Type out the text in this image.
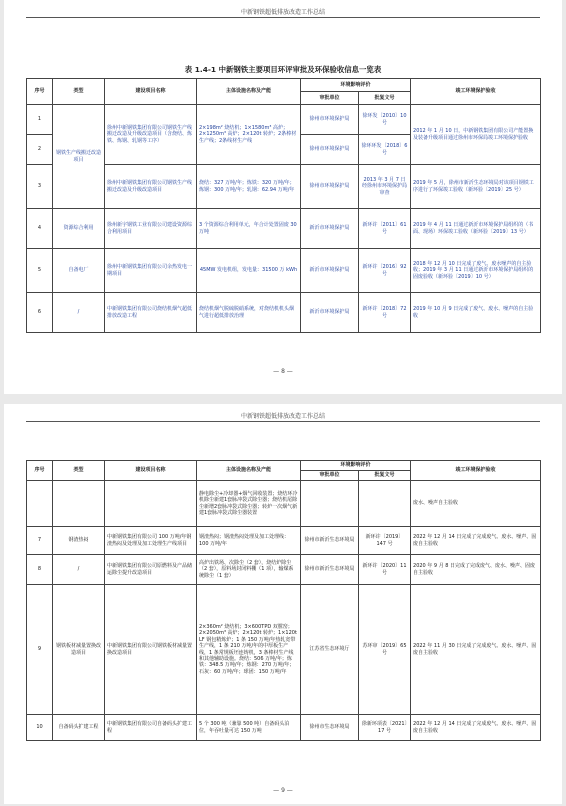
中新钢铁超低排放改造工作总结
表 1.4-1 中新钢铁主要项目环评审批及环保验收信息一览表
序号	类型	建设项目名称	主体设施名称及产能	环境影响评价		竣工环境保护验收
				审批单位	批复文号	
1	钢铁生产线搬迁改造项目	徐州中新钢铁集团有限公司钢铁生产线搬迁改造及升级改造项目（含烧结、炼铁、炼钢、轧钢等工序）	2×198m² 烧结机；1×1580m³ 高炉；2×1250m³ 高炉；2×120t 转炉；2条棒材生产线；2条线材生产线	徐州市环境保护局	徐环发〔2010〕10 号	2012 年 1 月 10 日，中新钢铁集团有限公司产能置换及装备升级项目通过徐州市环保局竣工环境保护验收
2				徐州市环境保护局	徐环环发〔2018〕6 号	
3		徐州中新钢铁集团有限公司钢铁生产线搬迁改造及升级改造项目	烧结：327 万吨/年；炼铁：320 万吨/年；炼钢：300 万吨/年；轧钢：62.94 万吨/年	徐州市环境保护局	2013 年 3 月 7 日经徐州市环境保护局审查	2019 年 5 月，徐州市新沂生态环境局对该项目钢铁工序进行了环保竣工验收（新环验〔2019〕25 号）
4	资源综合利用	徐州新宇钢铁工业有限公司建设资源综合利用项目	3 个资源综合利用单元，年合计处置固废 30 万吨	新沂市环境保护局	新环许〔2011〕61 号	2019 年 4 月 11 日通过新沂市环境保护局组织的（书面、现场）环保竣工验收（新环验〔2019〕13 号）
5	自备电厂	徐州中新钢铁集团有限公司余热发电一期项目	45MW 发电机组，发电量：31500 万 kWh	新沂市环境保护局	新环许〔2016〕92 号	2018 年 12 月 10 日完成了废气、废水噪声的自主验收；2019 年 3 月 11 日通过新沂市环境保护局组织的固废验收（新环验〔2019〕10 号）
6	/	中新钢铁集团有限公司烧结机烟气超低排放改造工程	烧结机烟气脱硫脱硝系统，对烧结机机头烟气进行超低排放治理	新沂市环境保护局	新环许〔2018〕72 号	2019 年 10 月 9 日完成了废气、废水、噪声的自主验收
— 8 —
中新钢铁超低排放改造工作总结
序号	类型	建设项目名称	主体设施名称及产能	环境影响评价		竣工环境保护验收
				审批单位	批复文号	
			静电除尘+冷却器+烟气回收装置；烧结环冷机除尘新建1套脉冲袋式除尘器；烧结机尾除尘新增2套脉冲袋式除尘器；转炉一次烟气新建1套脉冲袋式除尘器装置			废水、噪声自主验收
7	钢渣热闷	中新钢铁集团有限公司 100 万吨/年钢渣热闷及处理及加工处理生产线项目	钢渣热闷；钢渣热闷处理及加工处理线：100 万吨/年	徐州市新沂生态环境局	新环许〔2019〕147 号	2022 年 12 月 14 日完成了完成废气、废水、噪声、固废自主验收
8	/	中新钢铁集团有限公司原燃料及产品储运除尘提升改造项目	高炉出铁场、次除尘（2 套），烧结炉除尘（2 套），原料场封闭料棚（1 项），输煤系统除尘（1 套）	徐州市新沂生态环境局	新环许〔2020〕11 号	2020 年 9 月 8 日完成了完成废气、废水、噪声、固废自主验收
9	钢铁板材减量置换改造项目	中新钢铁集团有限公司钢铁板材减量置换改造项目	2×360m² 烧结机；3×600TPD 双膛窑；2×2050m³ 高炉；2×120t 转炉；1×120t LF 钢包精炼炉；1 条 150 万吨/年热轧宽带生产线，1 条 210 万吨/年的中厚板生产线，1 条常规板坯连铸机，3 条棒材生产线和其他辅助设施。烧结：506 万吨/年；炼铁：348.5 万吨/年；炼钢：270 万吨/年；石灰：60 万吨/年；球团：150 万吨/年	江苏省生态环境厅	苏环审〔2019〕65 号	2022 年 11 月 30 日完成了完成废气、废水、噪声、固废自主验收
10	自备码头扩建工程	中新钢铁集团有限公司自备码头扩建工程	5 个 300 吨（兼靠 500 吨）自备码头泊位，年吞吐量可达 150 万吨	徐州市生态环境局	徐新环项表〔2021〕17 号	2022 年 12 月 14 日完成了完成废气、废水、噪声、固废自主验收
— 9 —
